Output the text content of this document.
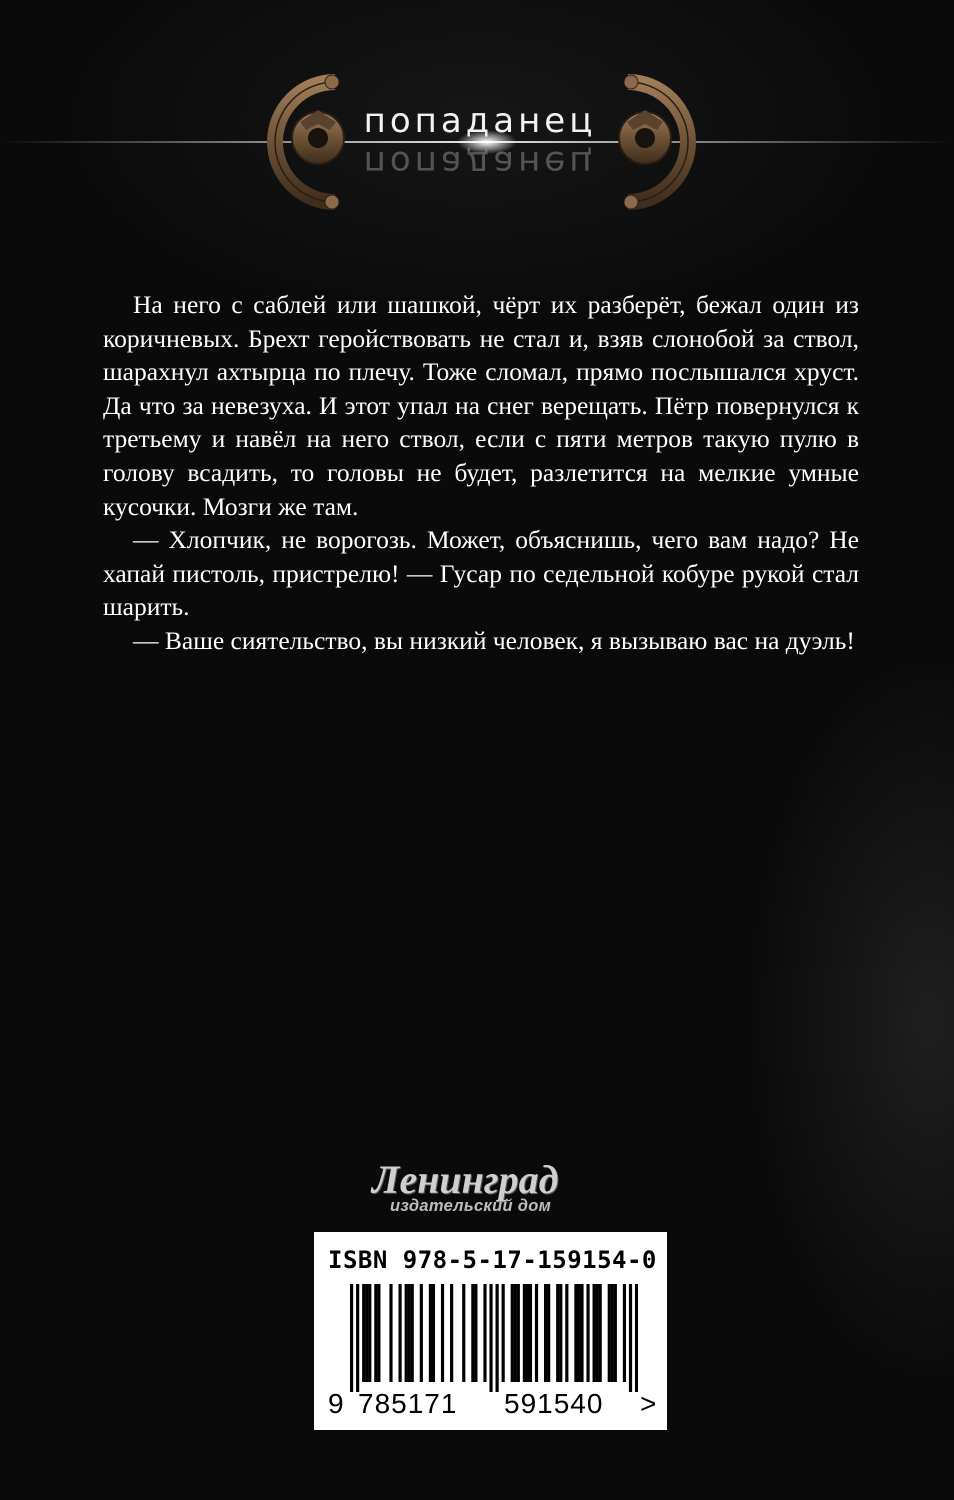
попаданец
попаданец

На него с саблей или шашкой, чёрт их разберёт, бежал один из коричневых. Брехт геройствовать не стал и, взяв слонобой за ствол, шарахнул ахтырца по плечу. Тоже сломал, прямо послышался хруст. Да что за невезуха. И этот упал на снег верещать. Пётр повернулся к третьему и навёл на него ствол, если с пяти метров такую пулю в голову всадить, то головы не будет, разлетится на мелкие умные кусочки. Мозги же там.

— Хлопчик, не ворогозь. Может, объяснишь, чего вам надо? Не хапай пистоль, пристрелю! — Гусар по седельной кобуре рукой стал шарить.

— Ваше сиятельство, вы низкий человек, я вызываю вас на дуэль!

Ленинград
издательский дом
ISBN 978-5-17-159154-0
9 785171	591540	>
